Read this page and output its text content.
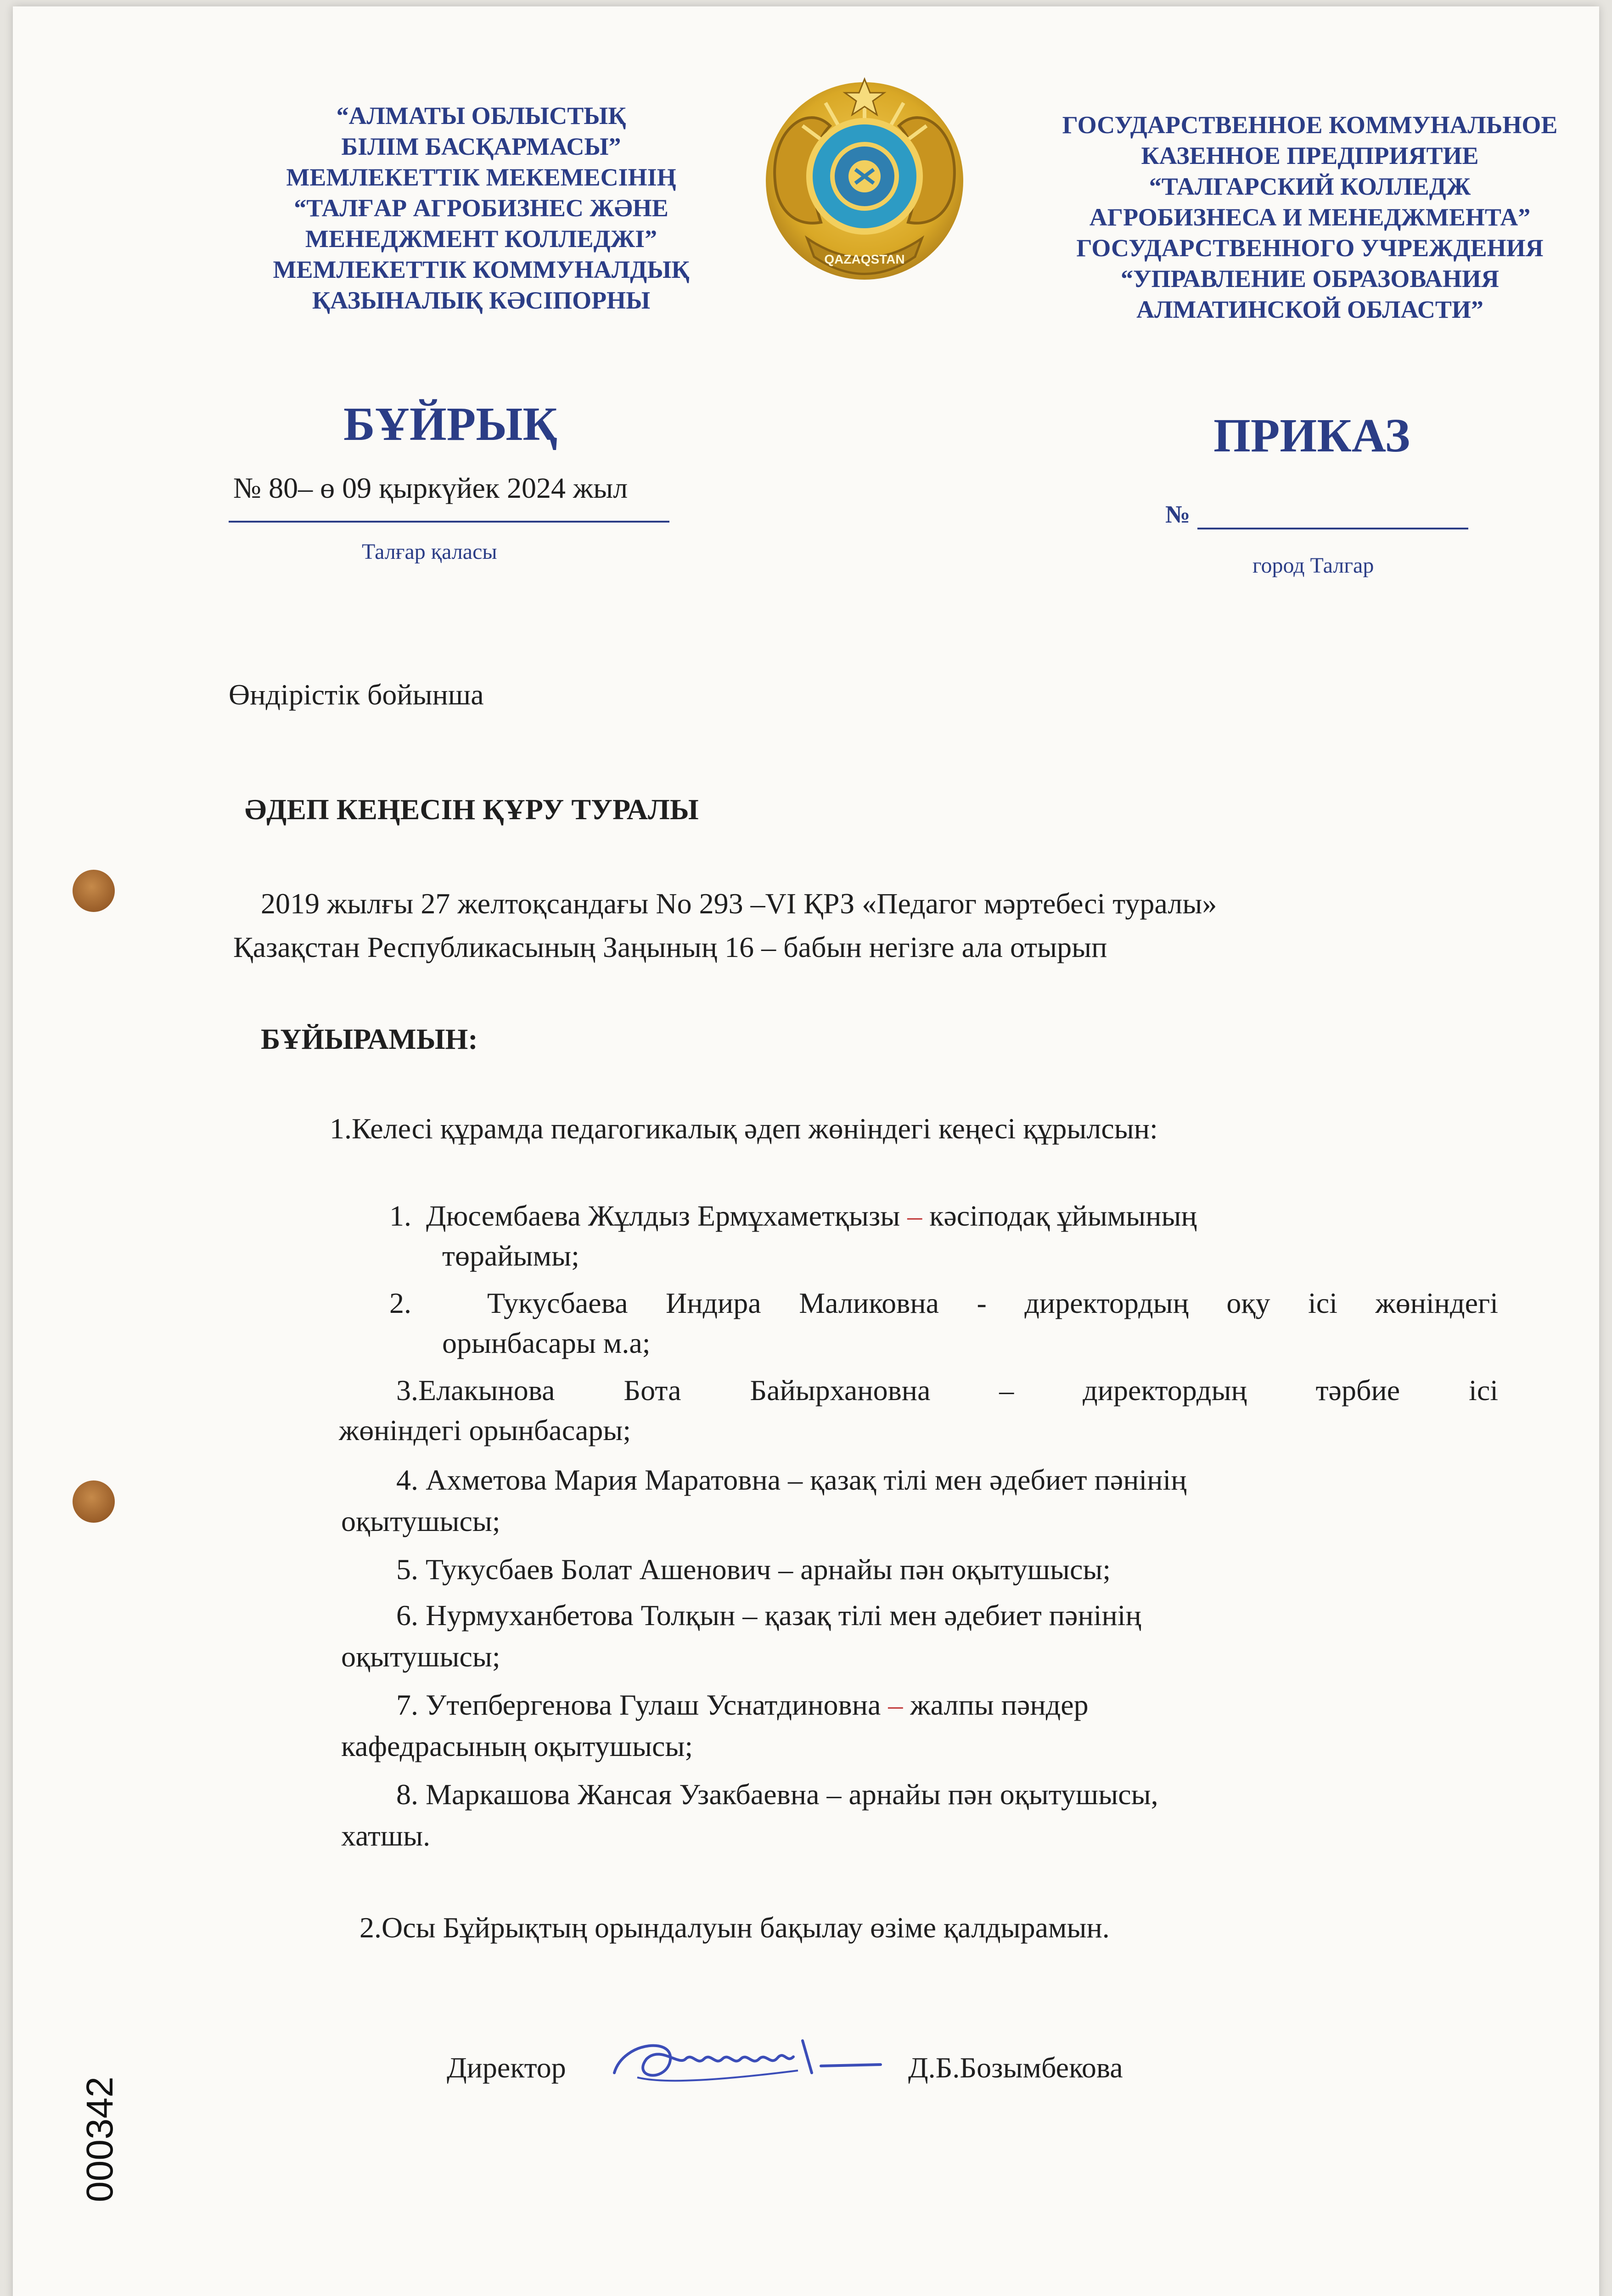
“АЛМАТЫ ОБЛЫСТЫҚ
БІЛІМ БАСҚАРМАСЫ”
МЕМЛЕКЕТТІК МЕКЕМЕСІНІҢ
“ТАЛҒАР АГРОБИЗНЕС ЖӘНЕ
МЕНЕДЖМЕНТ КОЛЛЕДЖІ”
МЕМЛЕКЕТТІК КОММУНАЛДЫҚ
ҚАЗЫНАЛЫҚ КӘСІПОРНЫ
QAZAQSTAN
ГОСУДАРСТВЕННОЕ КОММУНАЛЬНОЕ
КАЗЕННОЕ ПРЕДПРИЯТИЕ
“ТАЛГАРСКИЙ КОЛЛЕДЖ
АГРОБИЗНЕСА И МЕНЕДЖМЕНТА”
ГОСУДАРСТВЕННОГО УЧРЕЖДЕНИЯ
“УПРАВЛЕНИЕ ОБРАЗОВАНИЯ
АЛМАТИНСКОЙ ОБЛАСТИ”
БҰЙРЫҚ	ПРИКАЗ
№ 80– ө 09 қыркүйек 2024 жыл
№
Талғар қаласы
город Талгар
Өндірістік бойынша
ӘДЕП КЕҢЕСІН ҚҰРУ ТУРАЛЫ
2019 жылғы 27 желтоқсандағы No 293 –VI ҚРЗ «Педагог мәртебесі туралы»
Қазақстан Республикасының Заңының 16 – бабын негізге ала отырып
БҰЙЫРАМЫН:
1.Келесі құрамда педагогикалық әдеп жөніндегі кеңесі құрылсын:
1. Дюсембаева Жұлдыз Ермұхаметқызы – кәсіподақ ұйымының
төрайымы;
2.	Тукусбаева Индира Маликовна - директордың оқу ісі жөніндегі
орынбасары м.а;
3.Елакынова Бота Байырхановна – директордың тәрбие ісі
жөніндегі орынбасары;
4. Ахметова Мария Маратовна – қазақ тілі мен әдебиет пәнінің
оқытушысы;
5. Тукусбаев Болат Ашенович – арнайы пән оқытушысы;
6. Нурмуханбетова Толқын – қазақ тілі мен әдебиет пәнінің
оқытушысы;
7. Утепбергенова Гулаш Уснатдиновна – жалпы пәндер
кафедрасының оқытушысы;
8. Маркашова Жансая Узакбаевна – арнайы пән оқытушысы,
хатшы.
2.Осы Бұйрықтың орындалуын бақылау өзіме қалдырамын.
Директор	Д.Б.Бозымбекова
000342
